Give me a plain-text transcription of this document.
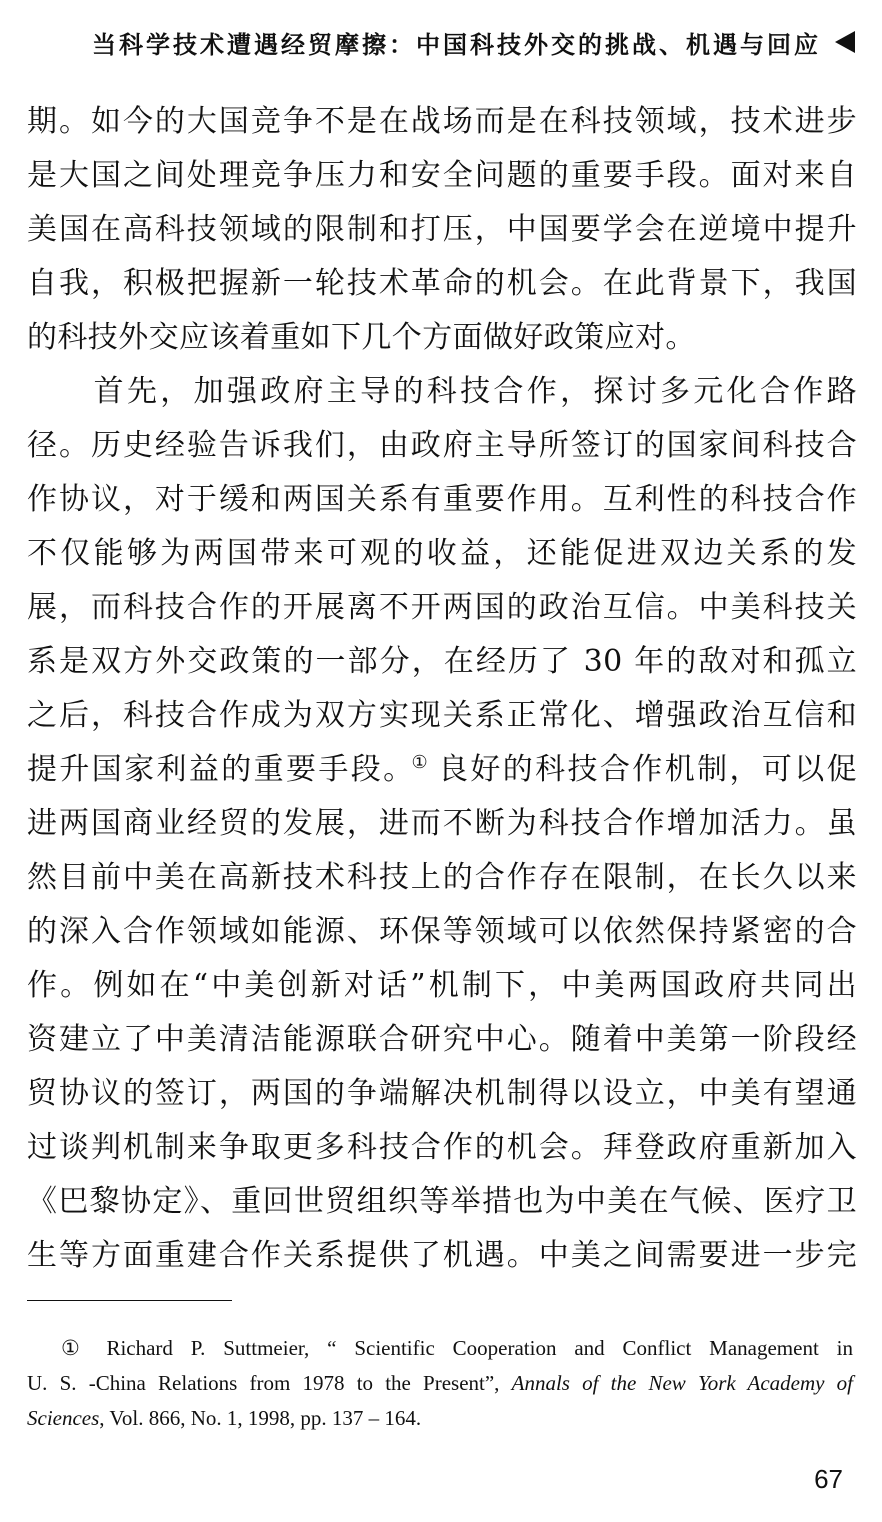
当科学技术遭遇经贸摩擦：中国科技外交的挑战、机遇与回应
期。如今的大国竞争不是在战场而是在科技领域，技术进步
是大国之间处理竞争压力和安全问题的重要手段。面对来自
美国在高科技领域的限制和打压，中国要学会在逆境中提升
自我，积极把握新一轮技术革命的机会。在此背景下，我国
的科技外交应该着重如下几个方面做好政策应对。
　　首先，加强政府主导的科技合作，探讨多元化合作路
径。历史经验告诉我们，由政府主导所签订的国家间科技合
作协议，对于缓和两国关系有重要作用。互利性的科技合作
不仅能够为两国带来可观的收益，还能促进双边关系的发
展，而科技合作的开展离不开两国的政治互信。中美科技关
系是双方外交政策的一部分，在经历了 30 年的敌对和孤立
之后，科技合作成为双方实现关系正常化、增强政治互信和
提升国家利益的重要手段。① 良好的科技合作机制，可以促
进两国商业经贸的发展，进而不断为科技合作增加活力。虽
然目前中美在高新技术科技上的合作存在限制，在长久以来
的深入合作领域如能源、环保等领域可以依然保持紧密的合
作。例如在“中美创新对话”机制下，中美两国政府共同出
资建立了中美清洁能源联合研究中心。随着中美第一阶段经
贸协议的签订，两国的争端解决机制得以设立，中美有望通
过谈判机制来争取更多科技合作的机会。拜登政府重新加入
《巴黎协定》、重回世贸组织等举措也为中美在气候、医疗卫
生等方面重建合作关系提供了机遇。中美之间需要进一步完
① Richard P. Suttmeier, “ Scientific Cooperation and Conflict Management in
U. S. -China Relations from 1978 to the Present”, Annals of the New York Academy of
Sciences, Vol. 866, No. 1, 1998, pp. 137 – 164.
67
